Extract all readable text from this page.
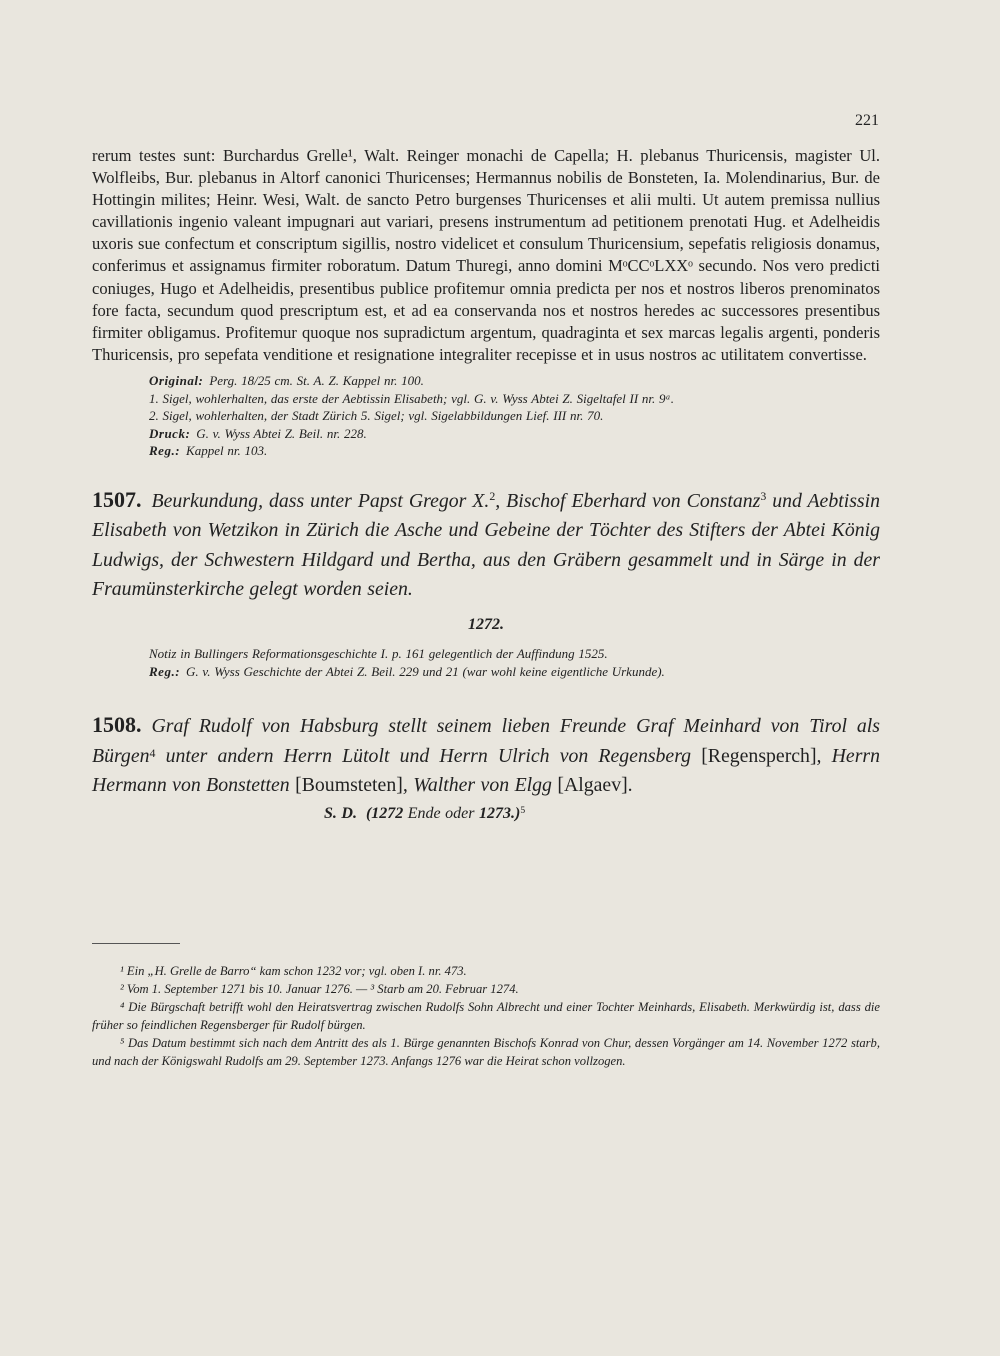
221

rerum testes sunt: Burchardus Grelle¹, Walt. Reinger monachi de Capella; H. plebanus Thuricensis, magister Ul. Wolfleibs, Bur. plebanus in Altorf canonici Thuricenses; Hermannus nobilis de Bonsteten, Ia. Molendinarius, Bur. de Hottingin milites; Heinr. Wesi, Walt. de sancto Petro burgenses Thuricenses et alii multi. Ut autem premissa nullius cavillationis ingenio valeant impugnari aut variari, presens instrumentum ad petitionem prenotati Hug. et Adelheidis uxoris sue confectum et conscriptum sigillis, nostro videlicet et consulum Thuricensium, sepefatis religiosis donamus, conferimus et assignamus firmiter roboratum. Datum Thuregi, anno domini MᵒCCᵒLXXᵒ secundo. Nos vero predicti coniuges, Hugo et Adelheidis, presentibus publice profitemur omnia predicta per nos et nostros liberos prenominatos fore facta, secundum quod prescriptum est, et ad ea conservanda nos et nostros heredes ac successores presentibus firmiter obligamus. Profitemur quoque nos supradictum argentum, quadraginta et sex marcas legalis argenti, ponderis Thuricensis, pro sepefata venditione et resignatione integraliter recepisse et in usus nostros ac utilitatem convertisse.

Original: Perg. 18/25 cm. St. A. Z. Kappel nr. 100.
1. Sigel, wohlerhalten, das erste der Aebtissin Elisabeth; vgl. G. v. Wyss Abtei Z. Sigeltafel II nr. 9ᵃ.
2. Sigel, wohlerhalten, der Stadt Zürich 5. Sigel; vgl. Sigelabbildungen Lief. III nr. 70.
Druck: G. v. Wyss Abtei Z. Beil. nr. 228.
Reg.: Kappel nr. 103.

1507. Beurkundung, dass unter Papst Gregor X.$^2$, Bischof Eberhard von Constanz$^3$ und Aebtissin Elisabeth von Wetzikon in Zürich die Asche und Gebeine der Töchter des Stifters der Abtei König Ludwigs, der Schwestern Hildgard und Bertha, aus den Gräbern gesammelt und in Särge in der Fraumünsterkirche gelegt worden seien.

1272.
Notiz in Bullingers Reformationsgeschichte I. p. 161 gelegentlich der Auffindung 1525.
Reg.: G. v. Wyss Geschichte der Abtei Z. Beil. 229 und 21 (war wohl keine eigentliche Urkunde).

1508. Graf Rudolf von Habsburg stellt seinem lieben Freunde Graf Meinhard von Tirol als Bürgen$^4$ unter andern Herrn Lütolt und Herrn Ulrich von Regensberg [Regensperch], Herrn Hermann von Bonstetten [Boumsteten], Walther von Elgg [Algaev].

S. D. (1272 Ende oder 1273.)$^5$

¹ Ein „H. Grelle de Barro“ kam schon 1232 vor; vgl. oben I. nr. 473.

² Vom 1. September 1271 bis 10. Januar 1276. — ³ Starb am 20. Februar 1274.

⁴ Die Bürgschaft betrifft wohl den Heiratsvertrag zwischen Rudolfs Sohn Albrecht und einer Tochter Meinhards, Elisabeth. Merkwürdig ist, dass die früher so feindlichen Regensberger für Rudolf bürgen.

⁵ Das Datum bestimmt sich nach dem Antritt des als 1. Bürge genannten Bischofs Konrad von Chur, dessen Vorgänger am 14. November 1272 starb, und nach der Königswahl Rudolfs am 29. September 1273. Anfangs 1276 war die Heirat schon vollzogen.
